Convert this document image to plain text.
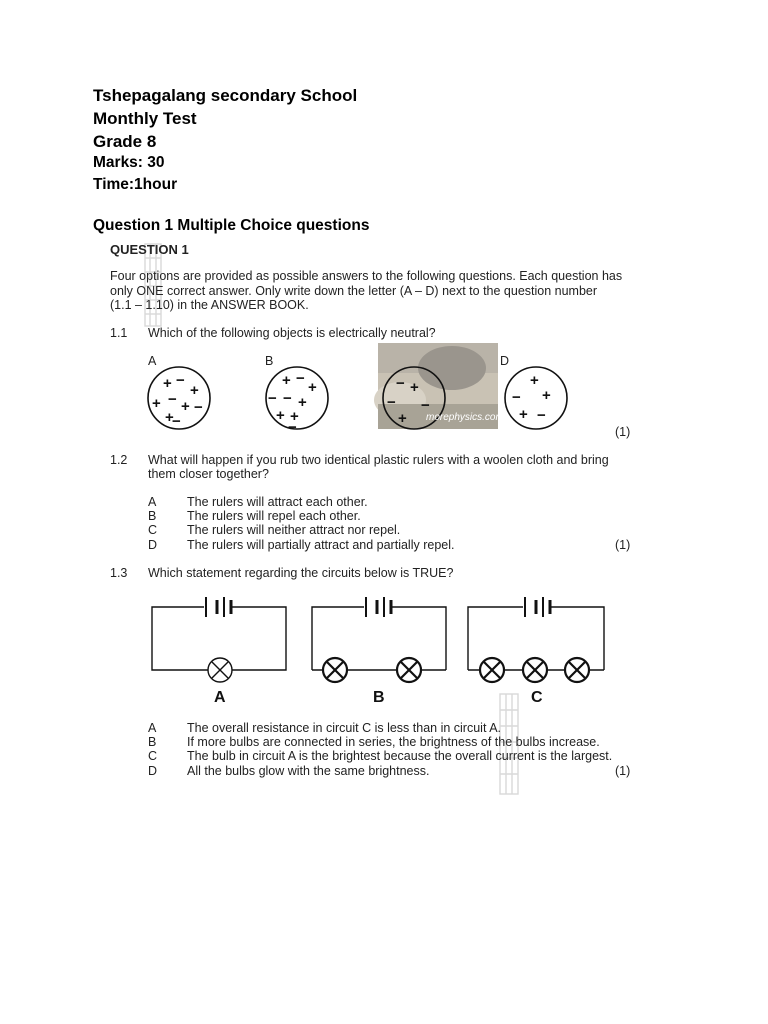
Tshepagalang secondary School
Monthly Test
Grade 8
Marks: 30
Time:1hour
Question 1 Multiple Choice questions
QUESTION 1
Four options are provided as possible answers to the following questions. Each question has
only ONE correct answer. Only write down the letter (A – D) next to the question number
(1.1 – 1.10) in the ANSWER BOOK.
1.1 Which of the following objects is electrically neutral?
A	B	D
+ −
+
+ − +
+
−
−
+ −
+
− − +
+ +
−
− +
− −
+ morephysics.com
+
− +
+ −
(1)
1.2 What will happen if you rub two identical plastic rulers with a woolen cloth and bring
them closer together?
A The rulers will attract each other.
B The rulers will repel each other.
C The rulers will neither attract nor repel.
D The rulers will partially attract and partially repel.	(1)
1.3 Which statement regarding the circuits below is TRUE?
A	B	C
A The overall resistance in circuit C is less than in circuit A.
B If more bulbs are connected in series, the brightness of the bulbs increase.
C The bulb in circuit A is the brightest because the overall current is the largest.
D All the bulbs glow with the same brightness.	(1)
